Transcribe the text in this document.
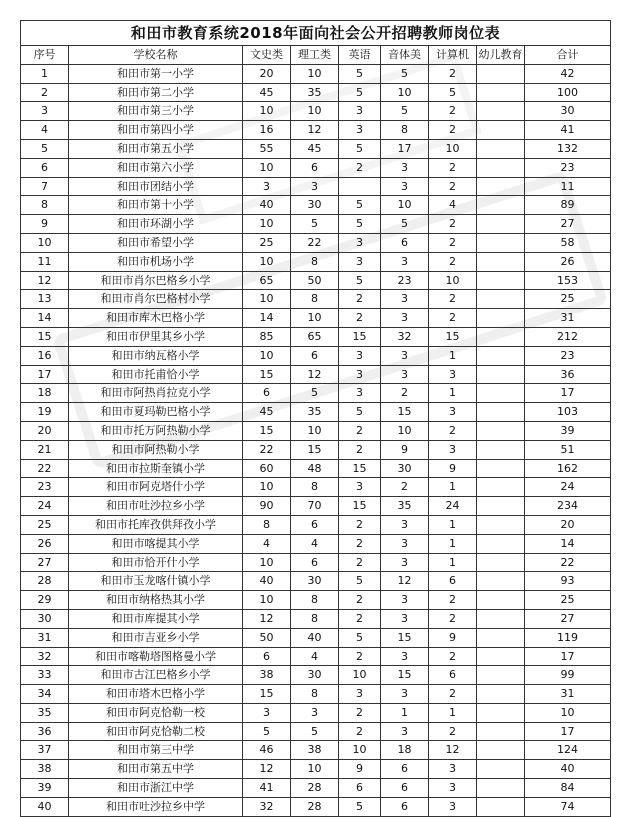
和田市教育系统2018年面向社会公开招聘教师岗位表								
序号	学校名称	文史类	理工类	英语	音体美	计算机	幼儿教育	合计
1	和田市第一小学	20	10	5	5	2		42
2	和田市第二小学	45	35	5	10	5		100
3	和田市第三小学	10	10	3	5	2		30
4	和田市第四小学	16	12	3	8	2		41
5	和田市第五小学	55	45	5	17	10		132
6	和田市第六小学	10	6	2	3	2		23
7	和田市团结小学	3	3		3	2		11
8	和田市第十小学	40	30	5	10	4		89
9	和田市环湖小学	10	5	5	5	2		27
10	和田市希望小学	25	22	3	6	2		58
11	和田市机场小学	10	8	3	3	2		26
12	和田市肖尔巴格乡小学	65	50	5	23	10		153
13	和田市肖尔巴格村小学	10	8	2	3	2		25
14	和田市库木巴格小学	14	10	2	3	2		31
15	和田市伊里其乡小学	85	65	15	32	15		212
16	和田市纳瓦格小学	10	6	3	3	1		23
17	和田市托甫恰小学	15	12	3	3	3		36
18	和田市阿热肖拉克小学	6	5	3	2	1		17
19	和田市夏玛勒巴格小学	45	35	5	15	3		103
20	和田市托万阿热勒小学	15	10	2	10	2		39
21	和田市阿热勒小学	22	15	2	9	3		51
22	和田市拉斯奎镇小学	60	48	15	30	9		162
23	和田市阿克塔什小学	10	8	3	2	1		24
24	和田市吐沙拉乡小学	90	70	15	35	24		234
25	和田市托库孜供拜孜小学	8	6	2	3	1		20
26	和田市喀提其小学	4	4	2	3	1		14
27	和田市恰开什小学	10	6	2	3	1		22
28	和田市玉龙喀什镇小学	40	30	5	12	6		93
29	和田市纳格热其小学	10	8	2	3	2		25
30	和田市库提其小学	12	8	2	3	2		27
31	和田市吉亚乡小学	50	40	5	15	9		119
32	和田市喀勒塔图格曼小学	6	4	2	3	2		17
33	和田市古江巴格乡小学	38	30	10	15	6		99
34	和田市塔木巴格小学	15	8	3	3	2		31
35	和田市阿克恰勒一校	3	3	2	1	1		10
36	和田市阿克恰勒二校	5	5	2	3	2		17
37	和田市第三中学	46	38	10	18	12		124
38	和田市第五中学	12	10	9	6	3		40
39	和田市浙江中学	41	28	6	6	3		84
40	和田市吐沙拉乡中学	32	28	5	6	3		74
